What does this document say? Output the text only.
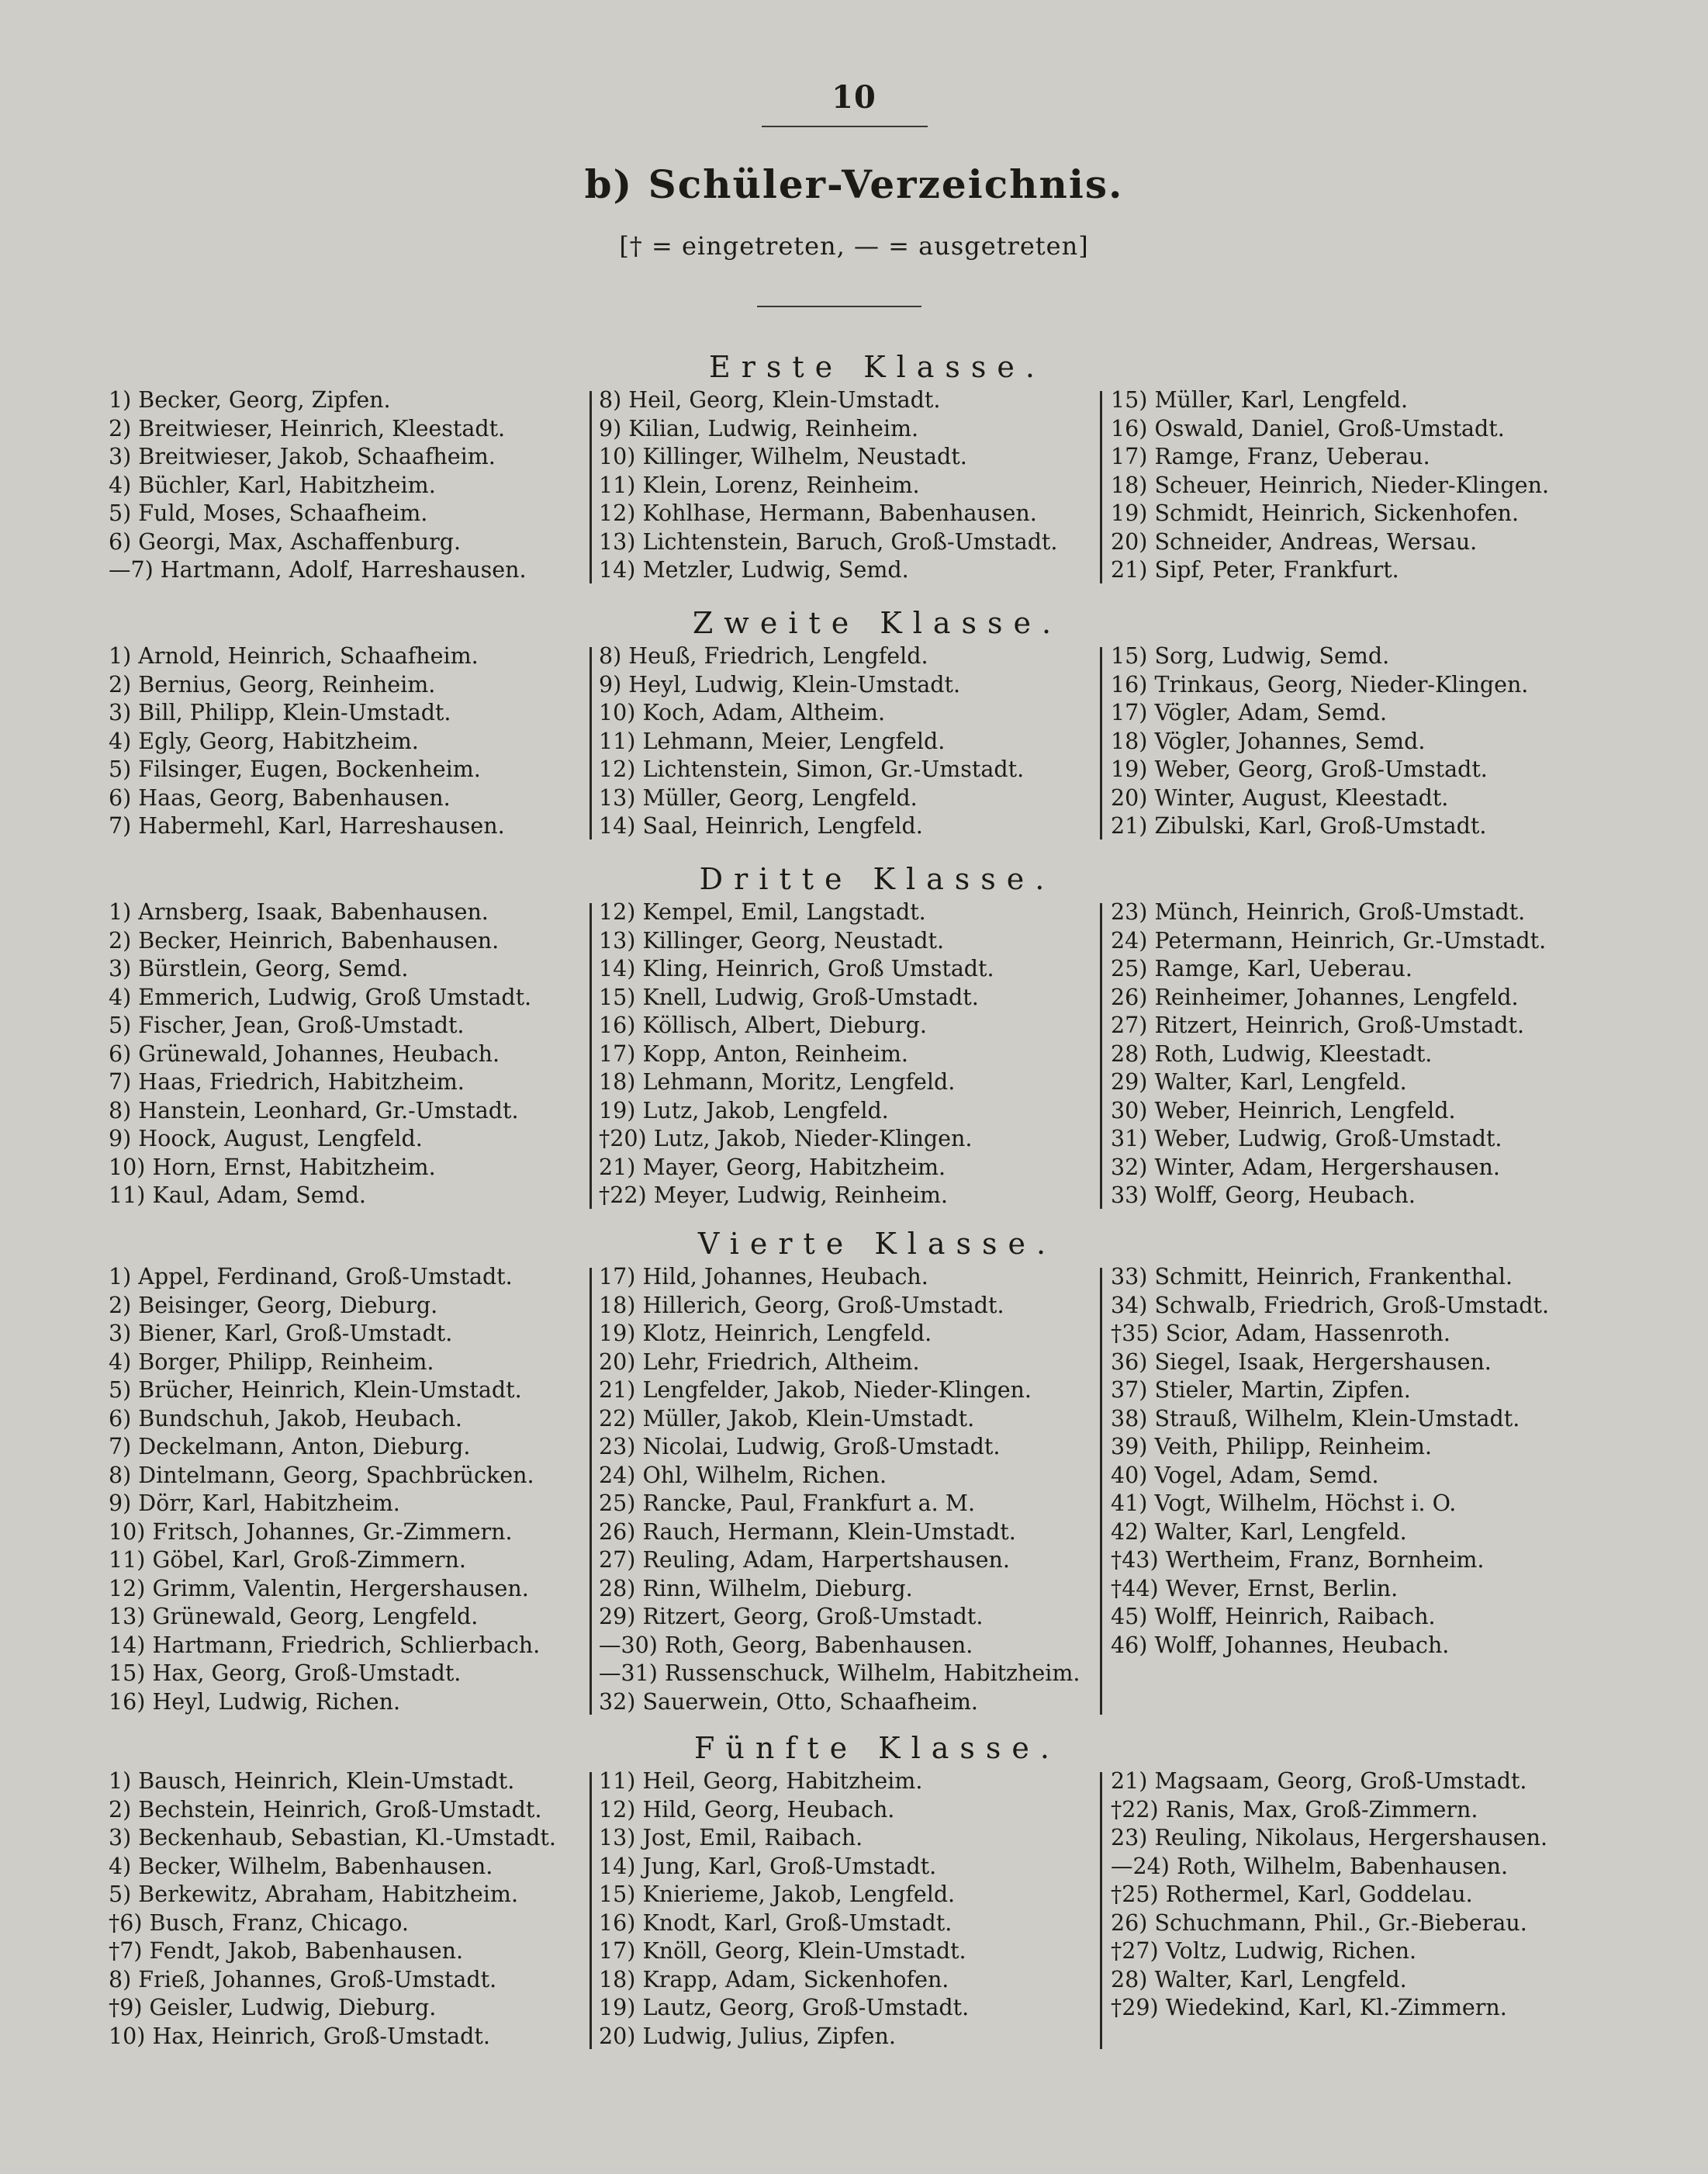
10
b) Schüler-Verzeichnis.
[† = eingetreten, — = ausgetreten]
Erste Klasse.
1) Becker, Georg, Zipfen.
2) Breitwieser, Heinrich, Kleestadt.
3) Breitwieser, Jakob, Schaafheim.
4) Büchler, Karl, Habitzheim.
5) Fuld, Moses, Schaafheim.
6) Georgi, Max, Aschaffenburg.
—7) Hartmann, Adolf, Harreshausen.
8) Heil, Georg, Klein-Umstadt.
9) Kilian, Ludwig, Reinheim.
10) Killinger, Wilhelm, Neustadt.
11) Klein, Lorenz, Reinheim.
12) Kohlhase, Hermann, Babenhausen.
13) Lichtenstein, Baruch, Groß-Umstadt.
14) Metzler, Ludwig, Semd.
15) Müller, Karl, Lengfeld.
16) Oswald, Daniel, Groß-Umstadt.
17) Ramge, Franz, Ueberau.
18) Scheuer, Heinrich, Nieder-Klingen.
19) Schmidt, Heinrich, Sickenhofen.
20) Schneider, Andreas, Wersau.
21) Sipf, Peter, Frankfurt.
Zweite Klasse.
1) Arnold, Heinrich, Schaafheim.
2) Bernius, Georg, Reinheim.
3) Bill, Philipp, Klein-Umstadt.
4) Egly, Georg, Habitzheim.
5) Filsinger, Eugen, Bockenheim.
6) Haas, Georg, Babenhausen.
7) Habermehl, Karl, Harreshausen.
8) Heuß, Friedrich, Lengfeld.
9) Heyl, Ludwig, Klein-Umstadt.
10) Koch, Adam, Altheim.
11) Lehmann, Meier, Lengfeld.
12) Lichtenstein, Simon, Gr.-Umstadt.
13) Müller, Georg, Lengfeld.
14) Saal, Heinrich, Lengfeld.
15) Sorg, Ludwig, Semd.
16) Trinkaus, Georg, Nieder-Klingen.
17) Vögler, Adam, Semd.
18) Vögler, Johannes, Semd.
19) Weber, Georg, Groß-Umstadt.
20) Winter, August, Kleestadt.
21) Zibulski, Karl, Groß-Umstadt.
Dritte Klasse.
1) Arnsberg, Isaak, Babenhausen.
2) Becker, Heinrich, Babenhausen.
3) Bürstlein, Georg, Semd.
4) Emmerich, Ludwig, Groß Umstadt.
5) Fischer, Jean, Groß-Umstadt.
6) Grünewald, Johannes, Heubach.
7) Haas, Friedrich, Habitzheim.
8) Hanstein, Leonhard, Gr.-Umstadt.
9) Hoock, August, Lengfeld.
10) Horn, Ernst, Habitzheim.
11) Kaul, Adam, Semd.
12) Kempel, Emil, Langstadt.
13) Killinger, Georg, Neustadt.
14) Kling, Heinrich, Groß Umstadt.
15) Knell, Ludwig, Groß-Umstadt.
16) Köllisch, Albert, Dieburg.
17) Kopp, Anton, Reinheim.
18) Lehmann, Moritz, Lengfeld.
19) Lutz, Jakob, Lengfeld.
†20) Lutz, Jakob, Nieder-Klingen.
21) Mayer, Georg, Habitzheim.
†22) Meyer, Ludwig, Reinheim.
23) Münch, Heinrich, Groß-Umstadt.
24) Petermann, Heinrich, Gr.-Umstadt.
25) Ramge, Karl, Ueberau.
26) Reinheimer, Johannes, Lengfeld.
27) Ritzert, Heinrich, Groß-Umstadt.
28) Roth, Ludwig, Kleestadt.
29) Walter, Karl, Lengfeld.
30) Weber, Heinrich, Lengfeld.
31) Weber, Ludwig, Groß-Umstadt.
32) Winter, Adam, Hergershausen.
33) Wolff, Georg, Heubach.
Vierte Klasse.
1) Appel, Ferdinand, Groß-Umstadt.
2) Beisinger, Georg, Dieburg.
3) Biener, Karl, Groß-Umstadt.
4) Borger, Philipp, Reinheim.
5) Brücher, Heinrich, Klein-Umstadt.
6) Bundschuh, Jakob, Heubach.
7) Deckelmann, Anton, Dieburg.
8) Dintelmann, Georg, Spachbrücken.
9) Dörr, Karl, Habitzheim.
10) Fritsch, Johannes, Gr.-Zimmern.
11) Göbel, Karl, Groß-Zimmern.
12) Grimm, Valentin, Hergershausen.
13) Grünewald, Georg, Lengfeld.
14) Hartmann, Friedrich, Schlierbach.
15) Hax, Georg, Groß-Umstadt.
16) Heyl, Ludwig, Richen.
17) Hild, Johannes, Heubach.
18) Hillerich, Georg, Groß-Umstadt.
19) Klotz, Heinrich, Lengfeld.
20) Lehr, Friedrich, Altheim.
21) Lengfelder, Jakob, Nieder-Klingen.
22) Müller, Jakob, Klein-Umstadt.
23) Nicolai, Ludwig, Groß-Umstadt.
24) Ohl, Wilhelm, Richen.
25) Rancke, Paul, Frankfurt a. M.
26) Rauch, Hermann, Klein-Umstadt.
27) Reuling, Adam, Harpertshausen.
28) Rinn, Wilhelm, Dieburg.
29) Ritzert, Georg, Groß-Umstadt.
—30) Roth, Georg, Babenhausen.
—31) Russenschuck, Wilhelm, Habitzheim.
32) Sauerwein, Otto, Schaafheim.
33) Schmitt, Heinrich, Frankenthal.
34) Schwalb, Friedrich, Groß-Umstadt.
†35) Scior, Adam, Hassenroth.
36) Siegel, Isaak, Hergershausen.
37) Stieler, Martin, Zipfen.
38) Strauß, Wilhelm, Klein-Umstadt.
39) Veith, Philipp, Reinheim.
40) Vogel, Adam, Semd.
41) Vogt, Wilhelm, Höchst i. O.
42) Walter, Karl, Lengfeld.
†43) Wertheim, Franz, Bornheim.
†44) Wever, Ernst, Berlin.
45) Wolff, Heinrich, Raibach.
46) Wolff, Johannes, Heubach.
Fünfte Klasse.
1) Bausch, Heinrich, Klein-Umstadt.
2) Bechstein, Heinrich, Groß-Umstadt.
3) Beckenhaub, Sebastian, Kl.-Umstadt.
4) Becker, Wilhelm, Babenhausen.
5) Berkewitz, Abraham, Habitzheim.
†6) Busch, Franz, Chicago.
†7) Fendt, Jakob, Babenhausen.
8) Frieß, Johannes, Groß-Umstadt.
†9) Geisler, Ludwig, Dieburg.
10) Hax, Heinrich, Groß-Umstadt.
11) Heil, Georg, Habitzheim.
12) Hild, Georg, Heubach.
13) Jost, Emil, Raibach.
14) Jung, Karl, Groß-Umstadt.
15) Knierieme, Jakob, Lengfeld.
16) Knodt, Karl, Groß-Umstadt.
17) Knöll, Georg, Klein-Umstadt.
18) Krapp, Adam, Sickenhofen.
19) Lautz, Georg, Groß-Umstadt.
20) Ludwig, Julius, Zipfen.
21) Magsaam, Georg, Groß-Umstadt.
†22) Ranis, Max, Groß-Zimmern.
23) Reuling, Nikolaus, Hergershausen.
—24) Roth, Wilhelm, Babenhausen.
†25) Rothermel, Karl, Goddelau.
26) Schuchmann, Phil., Gr.-Bieberau.
†27) Voltz, Ludwig, Richen.
28) Walter, Karl, Lengfeld.
†29) Wiedekind, Karl, Kl.-Zimmern.
